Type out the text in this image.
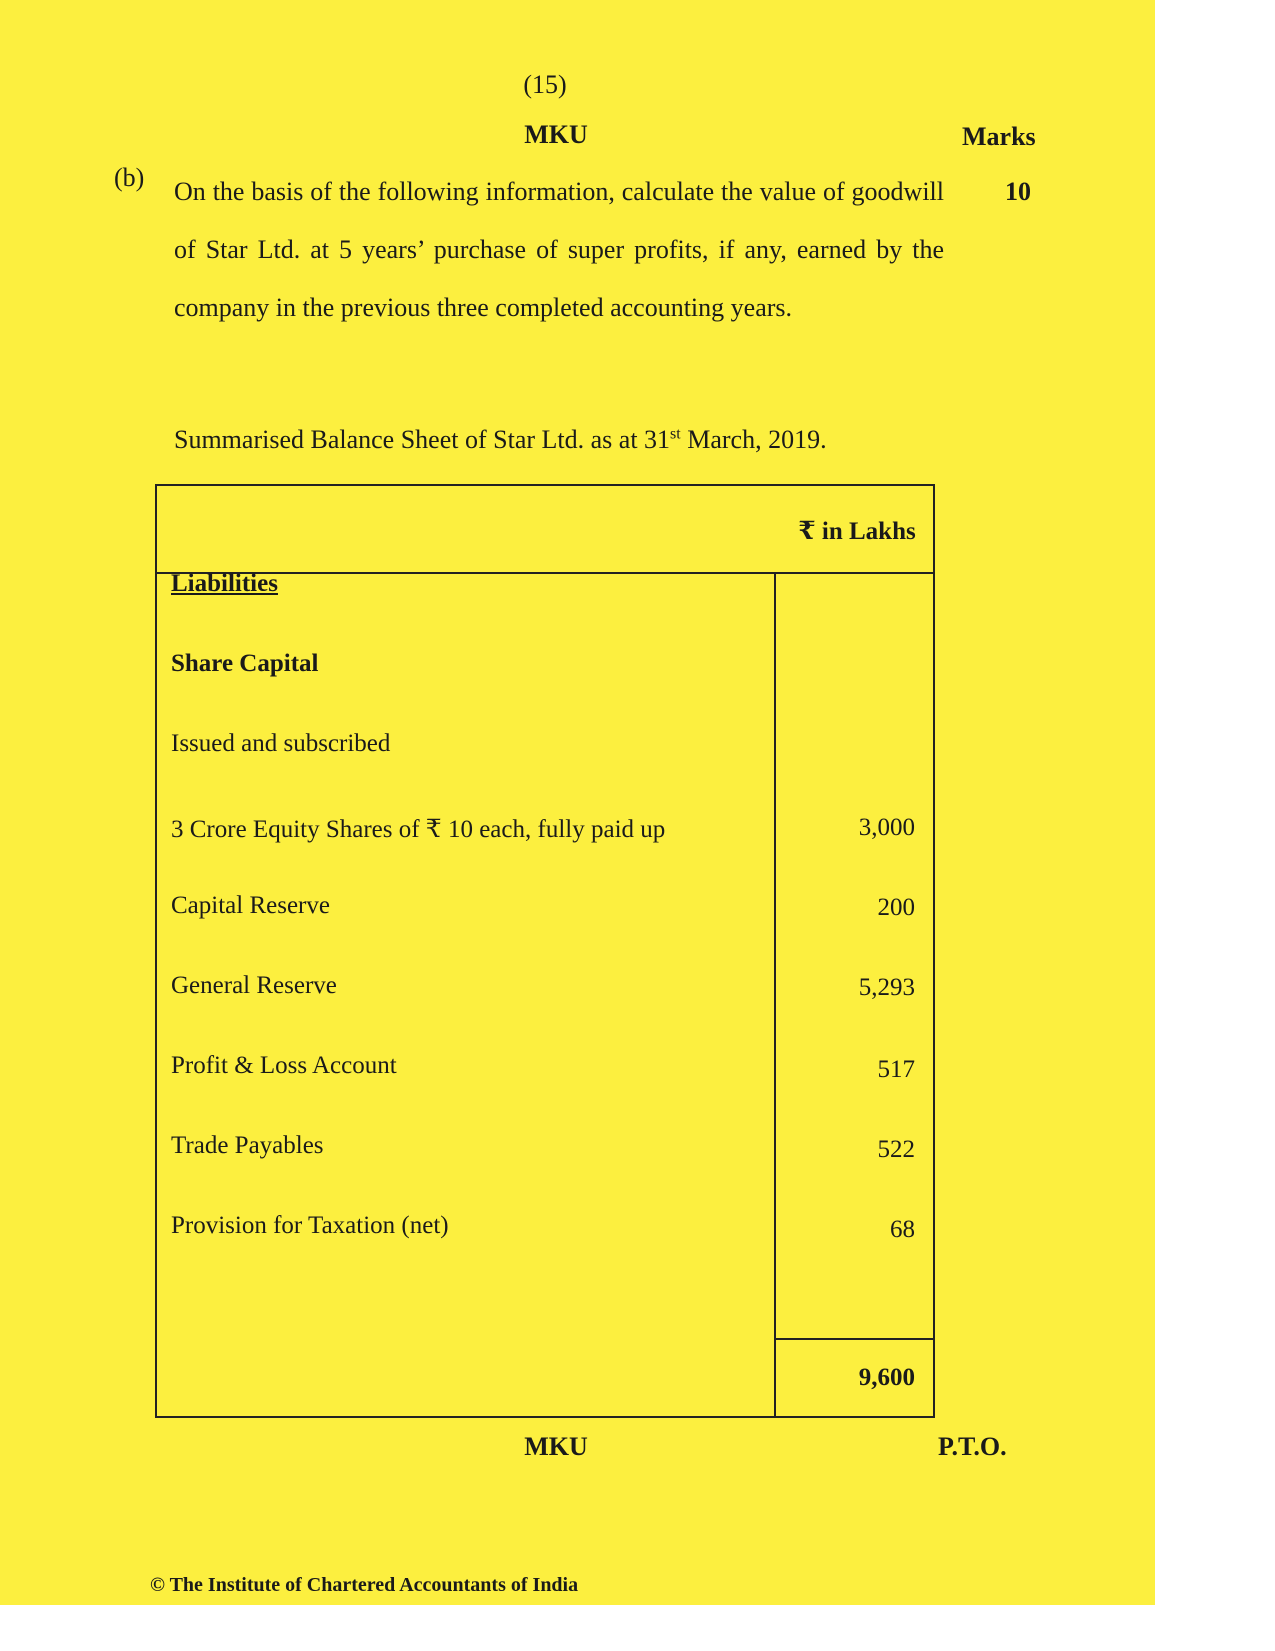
(15)
MKU	Marks
(b)	10
On the basis of the following information, calculate the value of goodwill of Star Ltd. at 5 years’ purchase of super profits, if any, earned by the company in the previous three completed accounting years.
Summarised Balance Sheet of Star Ltd. as at 31st March, 2019.
₹ in Lakhs
Liabilities
Share Capital
Issued and subscribed
3 Crore Equity Shares of ₹ 10 each, fully paid up	3,000
Capital Reserve	200
General Reserve	5,293
Profit & Loss Account	517
Trade Payables	522
Provision for Taxation (net)	68
9,600
MKU	P.T.O.
© The Institute of Chartered Accountants of India
